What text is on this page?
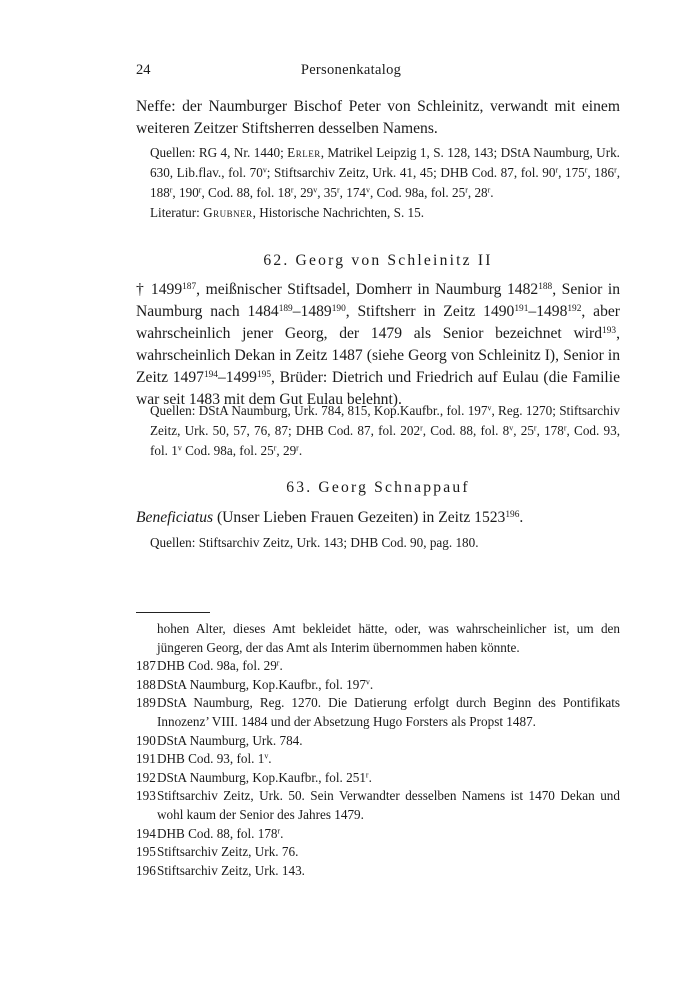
24	Personenkatalog

Neffe: der Naumburger Bischof Peter von Schleinitz, verwandt mit einem weiteren Zeitzer Stiftsherren desselben Namens.

Quellen: RG 4, Nr. 1440; Erler, Matrikel Leipzig 1, S. 128, 143; DStA Naumburg, Urk. 630, Lib.flav., fol. 70$^v$; Stiftsarchiv Zeitz, Urk. 41, 45; DHB Cod. 87, fol. 90$^r$, 175$^r$, 186$^r$, 188$^r$, 190$^r$, Cod. 88, fol. 18$^r$, 29$^v$, 35$^r$, 174$^v$, Cod. 98a, fol. 25$^r$, 28$^r$.

Literatur: Grubner, Historische Nachrichten, S. 15.

62. Georg von Schleinitz II

† 1499$^{187}$, meißnischer Stiftsadel, Domherr in Naumburg 1482$^{188}$, Senior in Naumburg nach 1484$^{189}$–1489$^{190}$, Stiftsherr in Zeitz 1490$^{191}$–1498$^{192}$, aber wahrscheinlich jener Georg, der 1479 als Senior bezeichnet wird$^{193}$, wahrscheinlich Dekan in Zeitz 1487 (siehe Georg von Schleinitz I), Senior in Zeitz 1497$^{194}$–1499$^{195}$, Brüder: Dietrich und Friedrich auf Eulau (die Familie war seit 1483 mit dem Gut Eulau belehnt).

Quellen: DStA Naumburg, Urk. 784, 815, Kop.Kaufbr., fol. 197$^v$, Reg. 1270; Stiftsarchiv Zeitz, Urk. 50, 57, 76, 87; DHB Cod. 87, fol. 202$^r$, Cod. 88, fol. 8$^v$, 25$^r$, 178$^r$, Cod. 93, fol. 1$^v$ Cod. 98a, fol. 25$^r$, 29$^r$.

63. Georg Schnappauf

Beneficiatus (Unser Lieben Frauen Gezeiten) in Zeitz 1523$^{196}$.

Quellen: Stiftsarchiv Zeitz, Urk. 143; DHB Cod. 90, pag. 180.

hohen Alter, dieses Amt bekleidet hätte, oder, was wahrscheinlicher ist, um den jüngeren Georg, der das Amt als Interim übernommen haben könnte.
187 DHB Cod. 98a, fol. 29$^r$.
188 DStA Naumburg, Kop.Kaufbr., fol. 197$^v$.
189 DStA Naumburg, Reg. 1270. Die Datierung erfolgt durch Beginn des Pontifikats Innozenz’ VIII. 1484 und der Absetzung Hugo Forsters als Propst 1487.
190 DStA Naumburg, Urk. 784.
191 DHB Cod. 93, fol. 1$^v$.
192 DStA Naumburg, Kop.Kaufbr., fol. 251$^r$.
193 Stiftsarchiv Zeitz, Urk. 50. Sein Verwandter desselben Namens ist 1470 Dekan und wohl kaum der Senior des Jahres 1479.
194 DHB Cod. 88, fol. 178$^r$.
195 Stiftsarchiv Zeitz, Urk. 76.
196 Stiftsarchiv Zeitz, Urk. 143.
